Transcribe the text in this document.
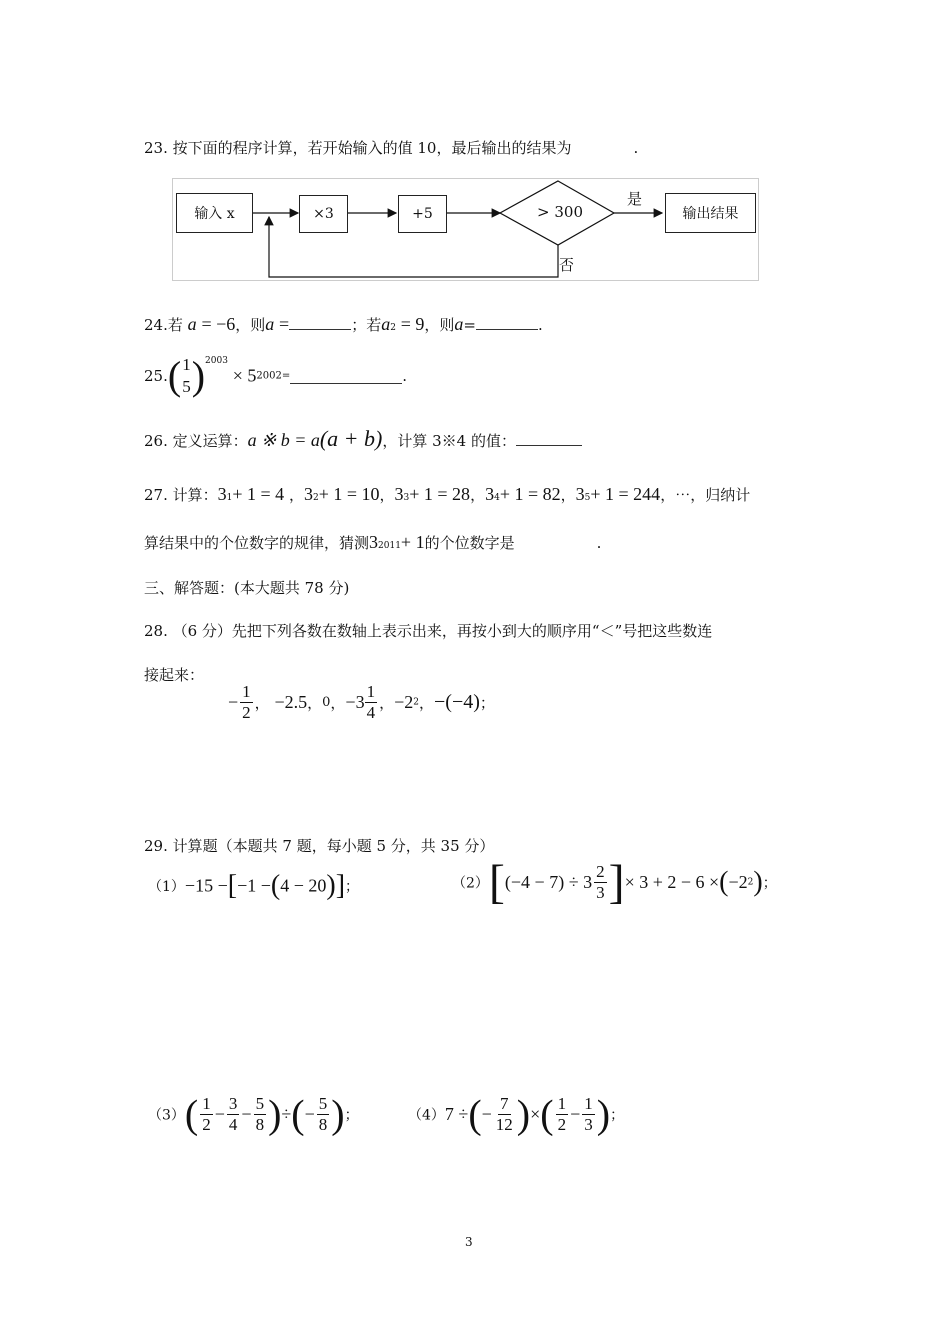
23. 按下面的程序计算，若开始输入的值 10，最后输出的结果为	.
输入 x	×3	+5	> 300
是
否
输出结果
24.若 a = −6，则a =	；若a2 = 9，则a=	.
25.( 1
5 )$^{2003}$ × 52002=	.
26. 定义运算：a ※ b = a(a + b)，计算 3※4 的值：
27. 计算：31+ 1 = 4 ，32+ 1 = 10，33+ 1 = 28，34+ 1 = 82，35+ 1 = 244，⋯，归纳计
算结果中的个位数字的规律，猜测32011+ 1的个位数字是	.
三、解答题：(本大题共 78 分)
28. （6 分）先把下列各数在数轴上表示出来，再按小到大的顺序用“＜”号把这些数连
接起来：
− $\frac{1}{2}$ ， −2.5，0，$-3 \frac{1}{4}$ ，−22，−(−4)；
29. 计算题（本题共 7 题，每小题 5 分，共 35 分）
（1）−15 −[−1 −(4 − 20)]；	$(2)[(-4 - 7) \div 3 \frac{2}{3}$ ]× 3 + 2 − 6 ×(−22)；
$(3)( \frac{1}{2} - \frac{3}{4} - \frac{5}{8}$ )÷(− $\frac{5}{8}$ )；	（4）7 ÷(− $\frac{7}{12}$ )×( $\frac{1}{2} - \frac{1}{3}$ )；
3
